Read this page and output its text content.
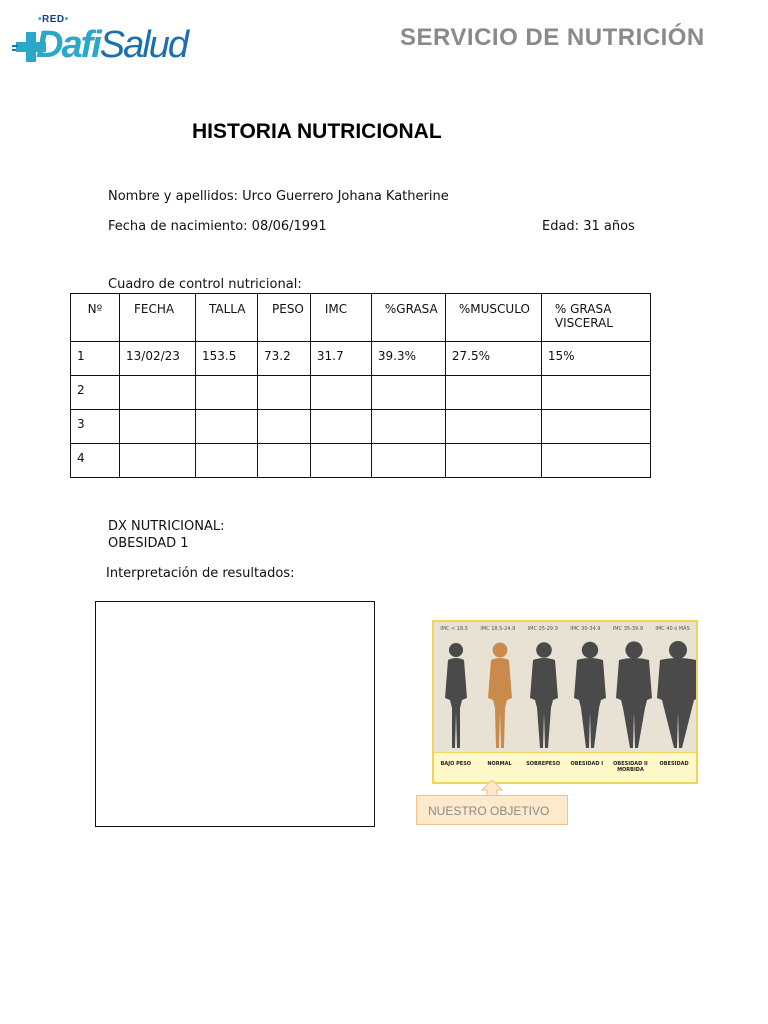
•RED•
DafiSalud	SERVICIO DE NUTRICIÓN
HISTORIA NUTRICIONAL
Nombre y apellidos: Urco Guerrero Johana Katherine
Fecha de nacimiento: 08/06/1991	Edad: 31 años
Cuadro de control nutricional:
Nº	FECHA	TALLA	PESO	IMC	%GRASA	%MUSCULO	% GRASA VISCERAL
1	13/02/23	153.5	73.2	31.7	39.3%	27.5%	15%
2							
3							
4							
DX NUTRICIONAL:
OBESIDAD 1
Interpretación de resultados:
IMC < 18.5 IMC 18.5-24.9 IMC 25-29.9 IMC 30-34.9 IMC 35-39.9 IMC 40 ó MÁS
BAJO PESO	NORMAL	SOBREPESO	OBESIDAD I	OBESIDAD II MORBIDA
OBESIDAD
NUESTRO OBJETIVO
